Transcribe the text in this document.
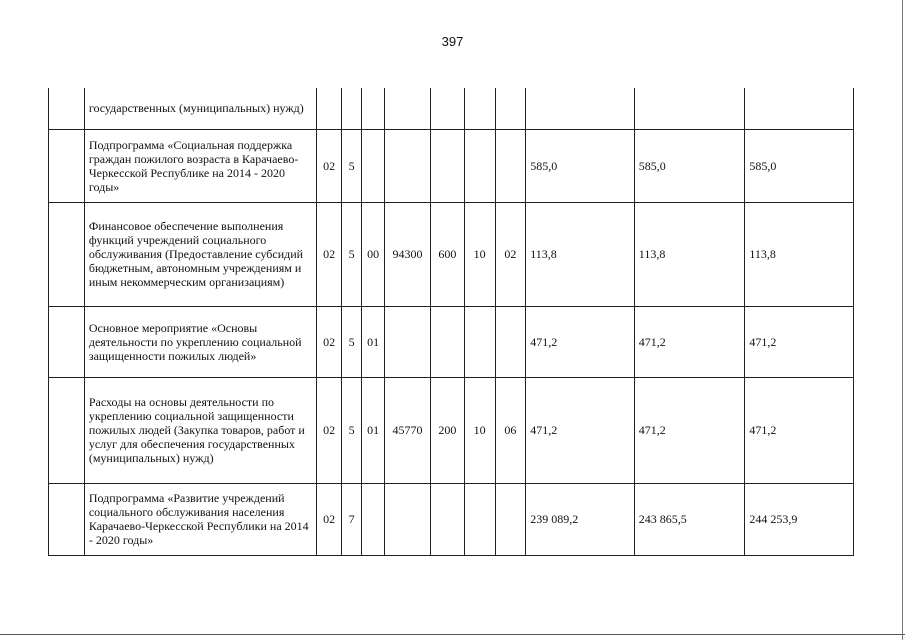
397
	государственных (муниципальных) нужд)										
	Подпрограмма «Социальная поддержка граждан пожилого возраста в Карачаево-Черкесской Республике на 2014 - 2020 годы»	02	5						585,0	585,0	585,0
	Финансовое обеспечение выполнения функций учреждений социального обслуживания (Предоставление субсидий бюджетным, автономным учреждениям и иным некоммерческим организациям)	02	5	00	94300	600	10	02	113,8	113,8	113,8
	Основное мероприятие «Основы деятельности по укреплению социальной защищенности пожилых людей»	02	5	01					471,2	471,2	471,2
	Расходы на основы деятельности по укреплению социальной защищенности пожилых людей (Закупка товаров, работ и услуг для обеспечения государственных (муниципальных) нужд)	02	5	01	45770	200	10	06	471,2	471,2	471,2
	Подпрограмма «Развитие учреждений социального обслуживания населения Карачаево-Черкесской Республики на 2014 - 2020 годы»	02	7						239 089,2	243 865,5	244 253,9
